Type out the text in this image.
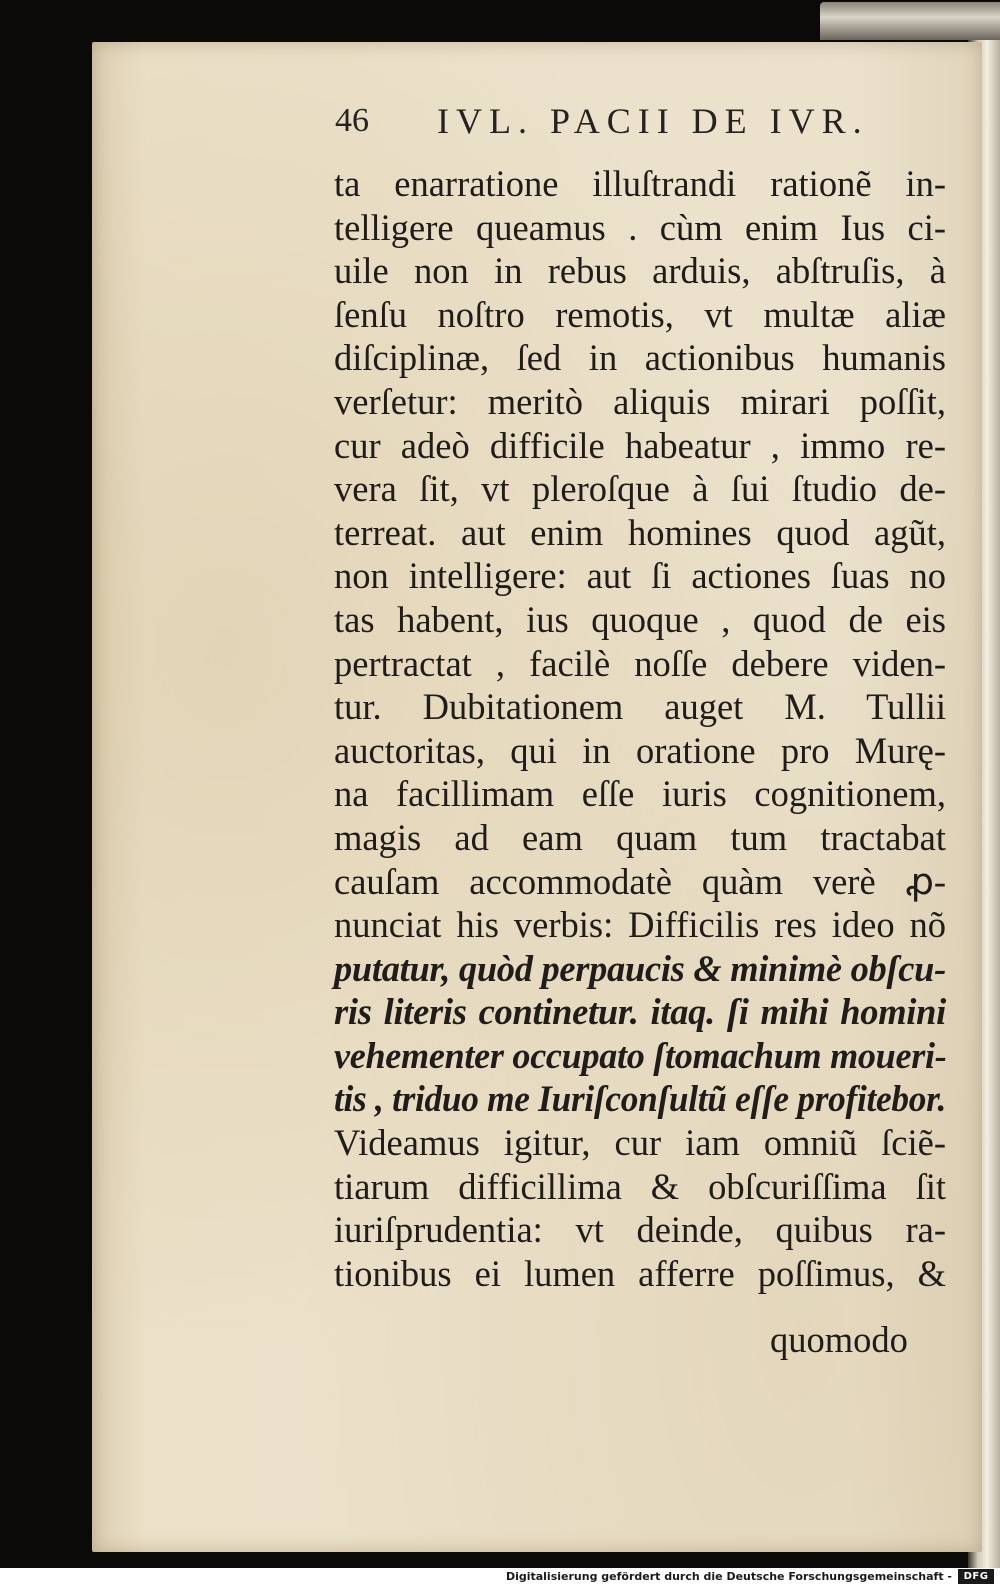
46 IVL. PACII DE IVR.
ta enarratione illuſtrandi rationẽ in-
telligere queamus . cùm enim Ius ci-
uile non in rebus arduis, abſtruſis, à
ſenſu noſtro remotis, vt multæ aliæ
diſciplinæ, ſed in actionibus humanis
verſetur: meritò aliquis mirari poſſit,
cur adeò difficile habeatur , immo re-
vera ſit, vt pleroſque à ſui ſtudio de-
terreat. aut enim homines quod agũt,
non intelligere: aut ſi actiones ſuas no
tas habent, ius quoque , quod de eis
pertractat , facilè noſſe debere viden-
tur. Dubitationem auget M. Tullii
auctoritas, qui in oratione pro Murę-
na facillimam eſſe iuris cognitionem,
magis ad eam quam tum tractabat
cauſam accommodatè quàm verè ꝓ-
nunciat his verbis: Difficilis res ideo nõ
putatur, quòd perpaucis & minimè obſcu-
ris literis continetur. itaq. ſi mihi homini
vehementer occupato ſtomachum moueri-
tis , triduo me Iuriſconſultũ eſſe profitebor.
Videamus igitur, cur iam omniũ ſciẽ-
tiarum difficillima & obſcuriſſima ſit
iuriſprudentia: vt deinde, quibus ra-
tionibus ei lumen afferre poſſimus, &
quomodo
Digitalisierung gefördert durch die Deutsche Forschungsgemeinschaft -	DFG
